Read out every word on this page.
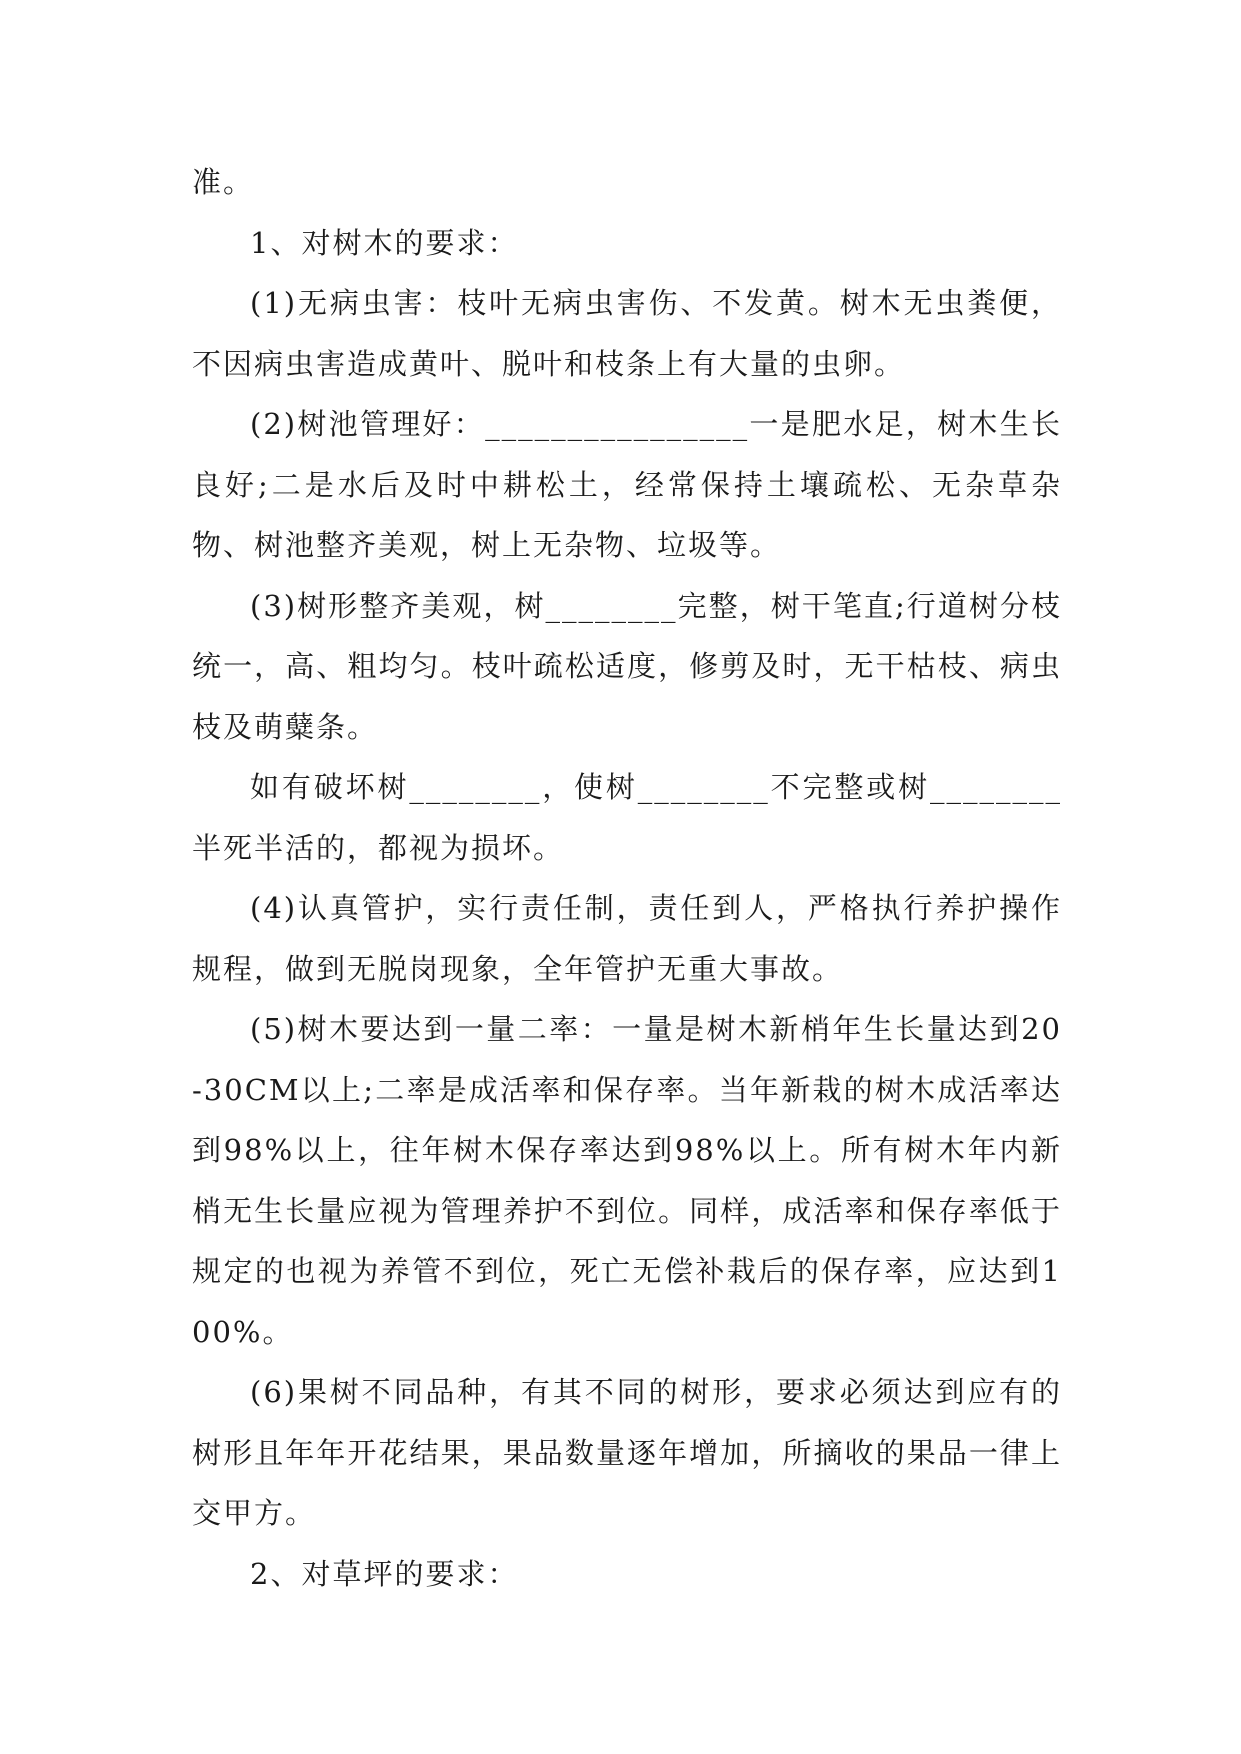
准。

1、对树木的要求：

(1)无病虫害：枝叶无病虫害伤、不发黄。树木无虫粪便，不因病虫害造成黄叶、脱叶和枝条上有大量的虫卵。

(2)树池管理好：________________一是肥水足，树木生长良好;二是水后及时中耕松土，经常保持土壤疏松、无杂草杂物、树池整齐美观，树上无杂物、垃圾等。

(3)树形整齐美观，树________完整，树干笔直;行道树分枝统一，高、粗均匀。枝叶疏松适度，修剪及时，无干枯枝、病虫枝及萌糵条。

如有破坏树________，使树________不完整或树________半死半活的，都视为损坏。

(4)认真管护，实行责任制，责任到人，严格执行养护操作规程，做到无脱岗现象，全年管护无重大事故。

(5)树木要达到一量二率：一量是树木新梢年生长量达到20-30CM以上;二率是成活率和保存率。当年新栽的树木成活率达到98%以上，往年树木保存率达到98%以上。所有树木年内新梢无生长量应视为管理养护不到位。同样，成活率和保存率低于规定的也视为养管不到位，死亡无偿补栽后的保存率，应达到100%。

(6)果树不同品种，有其不同的树形，要求必须达到应有的树形且年年开花结果，果品数量逐年增加，所摘收的果品一律上交甲方。

2、对草坪的要求：
